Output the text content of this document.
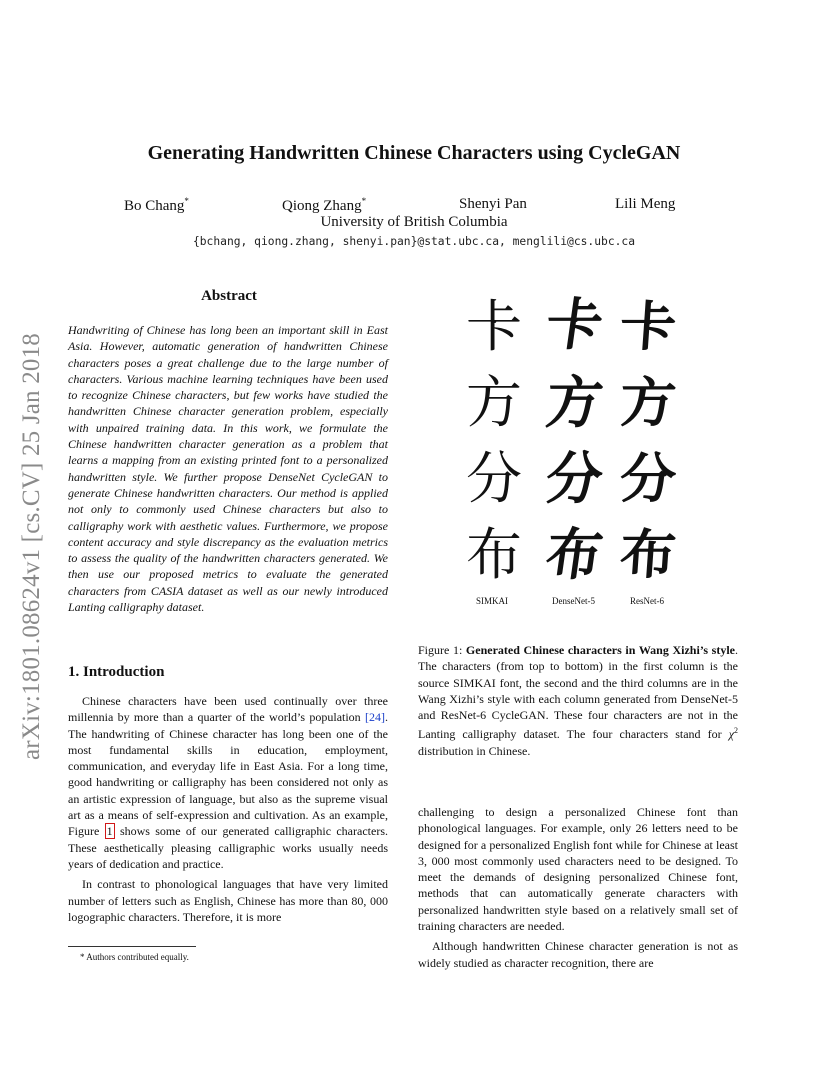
arXiv:1801.08624v1 [cs.CV] 25 Jan 2018
Generating Handwritten Chinese Characters using CycleGAN
Bo Chang*	Qiong Zhang*	Shenyi Pan	Lili Meng
University of British Columbia
{bchang, qiong.zhang, shenyi.pan}@stat.ubc.ca, menglili@cs.ubc.ca
Abstract

Handwriting of Chinese has long been an important skill in East Asia. However, automatic generation of handwritten Chinese characters poses a great challenge due to the large number of characters. Various machine learning techniques have been used to recognize Chinese characters, but few works have studied the handwritten Chinese character generation problem, especially with unpaired training data. In this work, we formulate the Chinese handwritten character generation as a problem that learns a mapping from an existing printed font to a personalized handwritten style. We further propose DenseNet CycleGAN to generate Chinese handwritten characters. Our method is applied not only to commonly used Chinese characters but also to calligraphy work with aesthetic values. Furthermore, we propose content accuracy and style discrepancy as the evaluation metrics to assess the quality of the handwritten characters generated. We then use our proposed metrics to evaluate the generated characters from CASIA dataset as well as our newly introduced Lanting calligraphy dataset.

1. Introduction

Chinese characters have been used continually over three millennia by more than a quarter of the world’s population [24]. The handwriting of Chinese character has long been one of the most fundamental skills in education, employment, communication, and everyday life in East Asia. For a long time, good handwriting or calligraphy has been considered not only as an artistic expression of language, but also as the supreme visual art as a means of self-expression and cultivation. As an example, Figure 1 shows some of our generated calligraphic characters. These aesthetically pleasing calligraphic works usually needs years of dedication and practice.

In contrast to phonological languages that have very limited number of letters such as English, Chinese has more than 80, 000 logographic characters. Therefore, it is more

* Authors contributed equally.
卡 卡 卡
方 方 方
分 分 分
布 布 布
SIMKAI	DenseNet-5	ResNet-6
Figure 1: Generated Chinese characters in Wang Xizhi’s style. The characters (from top to bottom) in the first column is the source SIMKAI font, the second and the third columns are in the Wang Xizhi’s style with each column generated from DenseNet-5 and ResNet-6 CycleGAN. These four characters are not in the Lanting calligraphy dataset. The four characters stand for $\chi^2$ distribution in Chinese.

challenging to design a personalized Chinese font than phonological languages. For example, only 26 letters need to be designed for a personalized English font while for Chinese at least 3, 000 most commonly used characters need to be designed. To meet the demands of designing personalized Chinese font, methods that can automatically generate characters with personalized handwritten style based on a relatively small set of training characters are needed.

Although handwritten Chinese character generation is not as widely studied as character recognition, there are
